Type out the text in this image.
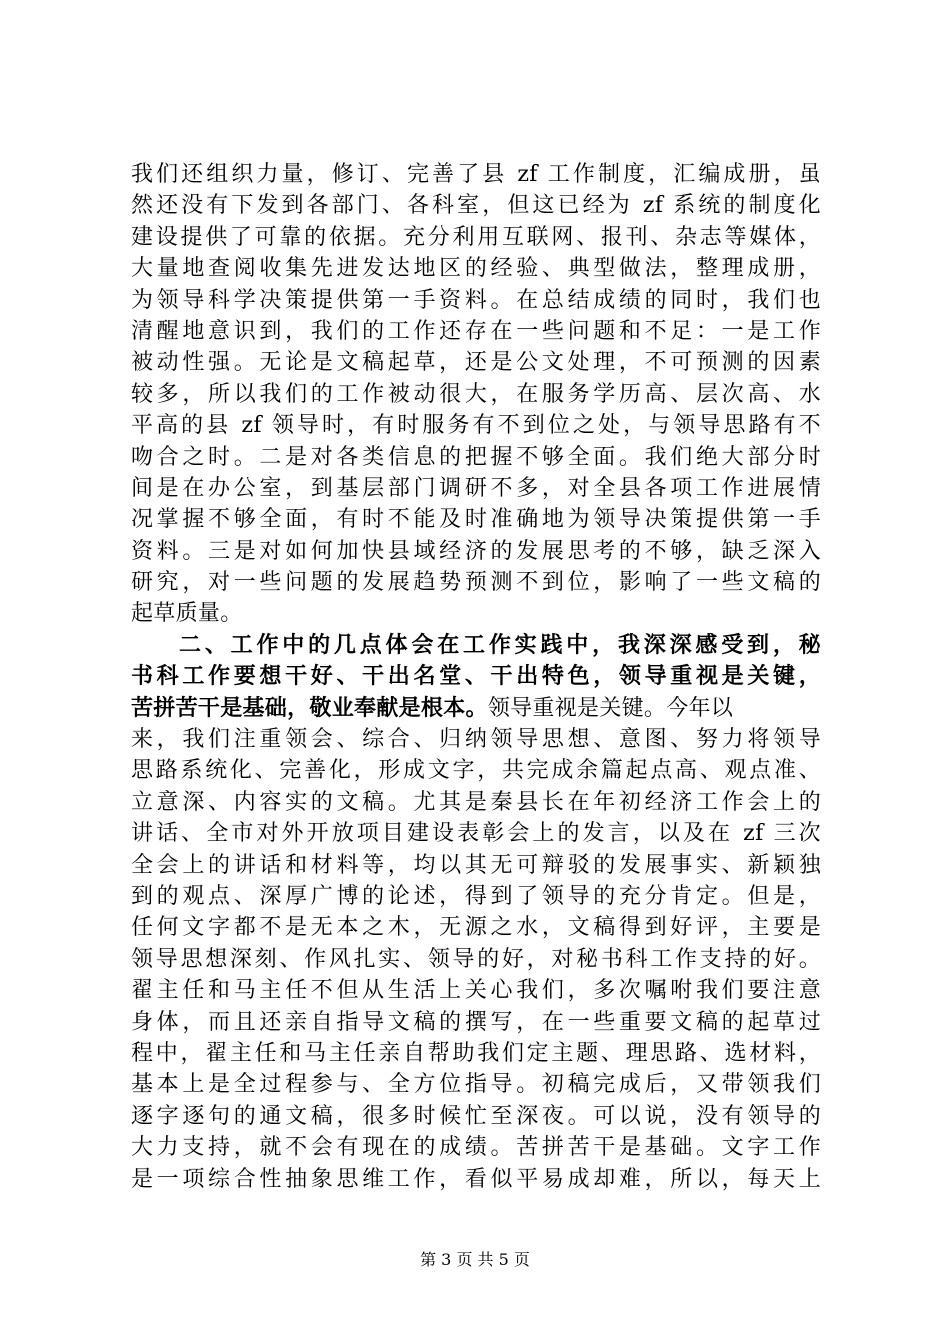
我们还组织力量，修订、完善了县 zf 工作制度，汇编成册，虽
然还没有下发到各部门、各科室，但这已经为 zf 系统的制度化
建设提供了可靠的依据。充分利用互联网、报刊、杂志等媒体，
大量地查阅收集先进发达地区的经验、典型做法，整理成册，
为领导科学决策提供第一手资料。在总结成绩的同时，我们也
清醒地意识到，我们的工作还存在一些问题和不足：一是工作
被动性强。无论是文稿起草，还是公文处理，不可预测的因素
较多，所以我们的工作被动很大，在服务学历高、层次高、水
平高的县 zf 领导时，有时服务有不到位之处，与领导思路有不
吻合之时。二是对各类信息的把握不够全面。我们绝大部分时
间是在办公室，到基层部门调研不多，对全县各项工作进展情
况掌握不够全面，有时不能及时准确地为领导决策提供第一手
资料。三是对如何加快县域经济的发展思考的不够，缺乏深入
研究，对一些问题的发展趋势预测不到位，影响了一些文稿的
起草质量。
二、工作中的几点体会在工作实践中，我深深感受到，秘
书科工作要想干好、干出名堂、干出特色，领导重视是关键，
苦拼苦干是基础，敬业奉献是根本。领导重视是关键。今年以
来，我们注重领会、综合、归纳领导思想、意图、努力将领导
思路系统化、完善化，形成文字，共完成余篇起点高、观点准、
立意深、内容实的文稿。尤其是秦县长在年初经济工作会上的
讲话、全市对外开放项目建设表彰会上的发言，以及在 zf 三次
全会上的讲话和材料等，均以其无可辩驳的发展事实、新颖独
到的观点、深厚广博的论述，得到了领导的充分肯定。但是，
任何文字都不是无本之木，无源之水，文稿得到好评，主要是
领导思想深刻、作风扎实、领导的好，对秘书科工作支持的好。
翟主任和马主任不但从生活上关心我们，多次嘱咐我们要注意
身体，而且还亲自指导文稿的撰写，在一些重要文稿的起草过
程中，翟主任和马主任亲自帮助我们定主题、理思路、选材料，
基本上是全过程参与、全方位指导。初稿完成后，又带领我们
逐字逐句的通文稿，很多时候忙至深夜。可以说，没有领导的
大力支持，就不会有现在的成绩。苦拼苦干是基础。文字工作
是一项综合性抽象思维工作，看似平易成却难，所以，每天上
第 3 页 共 5 页
